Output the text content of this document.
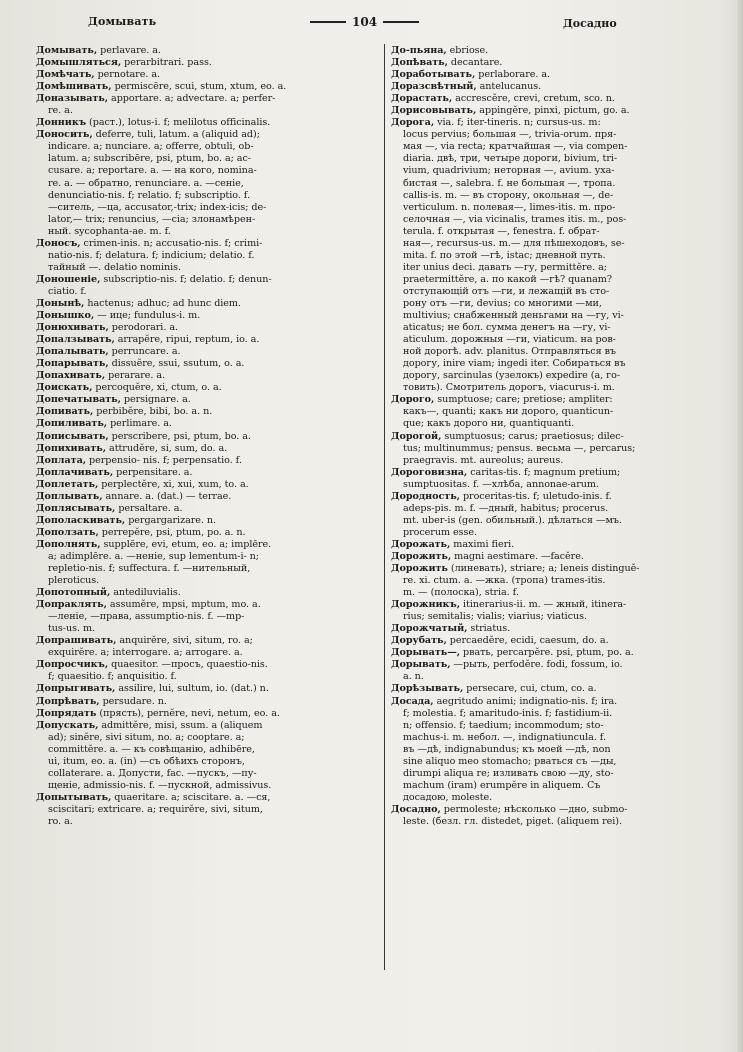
Домывать	104	Досадно
Домывать, perlavare. a.
Домышляться, perarbitrari. pass.
Домѣчать, pernotare. a.
Домѣшивать, permiscēre, scui, stum, xtum, eo. a.
Доназывать, apportare. a; advectare. a; perfer-
re. a.
Донникъ (раст.), lotus-i. f; melilotus officinalis.
Доносить, deferre, tuli, latum. a (aliquid ad);
indicare. a; nunciare. a; offerre, obtuli, ob-
latum. a; subscribēre, psi, ptum, bo. a; ac-
cusare. a; reportare. a. — на кого, nomina-
re. a. — обратно, renunciare. a. —сеніе,
denunciatio-nis. f; relatio. f; subscriptio. f.
—ситель, —ца, accusator,-trix; index-icis; de-
lator,— trix; renuncius, —cia; злонамѣрен-
ный. sycophanta-ae. m. f.
Доносъ, crimen-inis. n; accusatio-nis. f; crimi-
natio-nis. f; delatura. f; indicium; delatio. f.
тайный —. delatio nominis.
Доношеніе, subscriptio-nis. f; delatio. f; denun-
ciatio. f.
Донынѣ, hactenus; adhuc; ad hunc diem.
Донышко, — ице; fundulus-i. m.
Донюхивать, perodorari. a.
Допалзывать, arrapĕre, ripui, reptum, io. a.
Допалывать, perruncare. a.
Допарывать, dissuĕre, ssui, ssutum, o. a.
Допахивать, perarare. a.
Доискать, percoquĕre, xi, ctum, o. a.
Допечатывать, persignare. a.
Допивать, perbibĕre, bibi, bo. a. n.
Допиливать, perlimare. a.
Дописывать, perscribere, psi, ptum, bo. a.
Допихивать, attrudĕre, si, sum, do. a.
Доплата, perpensio- nis. f; perpensatio. f.
Доплачивать, perpensitare. a.
Доплетать, perplectĕre, xi, xui, xum, to. a.
Доплывать, annare. a. (dat.) — terrae.
Доплясывать, persaltare. a.
Дополаскивать, pergargarizare. n.
Доползать, perrepĕre, psi, ptum, po. a. n.
Дополнять, supplēre, evi, etum, eo. a; implēre.
a; adimplēre. a. —неніе, sup lementum-i- n;
repletio-nis. f; suffectura. f. —нительный,
pleroticus.
Допотопный, antediluvialis.
Допраклять, assumĕre, mpsi, mptum, mo. a.
—леніе, —права, assumptio-nis. f. —mp-
tus-us. m.
Допрашивать, anquirĕre, sivi, situm, ro. a;
exquirĕre. a; interrogare. a; arrogare. a.
Допросчикъ, quaesitor. —просъ, quaestio-nis.
f; quaesitio. f; anquisitio. f.
Допрыгивать, assilire, lui, sultum, io. (dat.) n.
Допрѣвать, persudare. n.
Допрядать (прясть), pernĕre, nevi, netum, eo. a.
Допускать, admittĕre, misi, ssum. a (aliquem
ad); sinĕre, sivi situm, no. a; cooptare. a;
committĕre. a. — къ совѣщанію, adhibēre,
ui, itum, eo. a. (in) —съ обѣихъ сторонъ,
collaterare. a. Допусти, fac. —пускъ, —пу-
щеніе, admissio-nis. f. —пускной, admissivus.
Допытывать, quaeritare. a; sciscitare. a. —ся,
sciscitari; extricare. a; requirĕre, sivi, situm,
ro. a.
До-пьяна, ebriose.
Допѣвать, decantare.
Доработывать, perlaborare. a.
Доразсвѣтный, antelucanus.
Дорастать, accrescĕre, crevi, cretum, sco. n.
Дорисовывать, appingĕre, pinxi, pictum, go. a.
Дорога, via. f; iter-tineris. n; cursus-us. m:
locus pervius; большая —, trivia-orum. пря-
мая —, via recta; кратчайшая —, via compen-
diaria. двѣ, три, четыре дороги, bivium, tri-
vium, quadrivium; неторная —, avium. уха-
бистая —, salebra. f. не большая —, тропа.
callis-is. m. — въ сторону, окольная —, de-
verticulum. n. полевая—, limes-itis. m. про-
селочная —, via vicinalis, trames itis. m., pos-
terula. f. открытая —, fenestra. f. обрат-
ная—, recursus-us. m.— для пѣшеходовъ, se-
mita. f. по этой —гѣ, istac; дневной путь.
iter unius deci. давать —гу, permittĕre. a;
praetermittĕre, a. по какой —гѣ? quanam?
отступающій отъ —ги, и лежащій въ сто-
рону отъ —ги, devius; со многими —ми,
multivius; снабженный деньгами на —гу, vi-
aticatus; не бол. сумма денегъ на —гу, vi-
aticulum. дорожныя —ги, viaticum. на ров-
ной дорогѣ. adv. planitus. Отправляться въ
дорогу, inire viam; ingedi iter. Собираться въ
дорогу, sarcinulas (узелокъ) expedire (a, го-
товить). Смотритель дорогъ, viacurus-i. m.
Дорого, sumptuose; care; pretiose; ampliter:
какъ—, quanti; какъ ни дорого, quanticun-
que; какъ дорого ни, quantiquanti.
Дорогой, sumptuosus; carus; praetiosus; dilec-
tus; multinummus; pensus. весьма —, percarus;
praegravis. mt. aureolus; aureus.
Дороговизна, caritas-tis. f; magnum pretium;
sumptuositas. f. —хлѣба, annonae-arum.
Дородность, proceritas-tis. f; uletudo-inis. f.
adeps-pis. m. f. —дный, habitus; procerus.
mt. uber-is (gen. обильный.). дѣлаться —мъ.
procerum esse.
Дорожать, maximi fieri.
Дорожить, magni aestimare. —facĕre.
Дорожить (линевать), striare; a; leneis distinguĕ-
re. xi. ctum. a. —жка. (тропа) trames-itis.
m. — (полоска), stria. f.
Дорожникъ, itinerarius-ii. m. — жный, itinera-
rius; semitalis; vialis; viarius; viaticus.
Дорожчатый, striatus.
Дорубать, percaedĕre, ecidi, caesum, do. a.
Дорывать—, рвать, percarpĕre. psi, ptum, po. a.
Дорывать, —рыть, perfodĕre. fodi, fossum, io.
a. n.
Дорѣзывать, persecare, cui, ctum, co. a.
Досада, aegritudo animi; indignatio-nis. f; ira.
f; molestia. f; amaritudo-inis. f; fastidium-ii.
n; offensio. f; taedium; incommodum; sto-
machus-i. m. небол. —, indignatiuncula. f.
въ —дѣ, indignabundus; къ моей —дѣ, non
sine aliquo meo stomacho; рваться съ —ды,
dirumpi aliqua re; изливать свою —ду, sto-
machum (iram) erumpĕre in aliquem. Съ
досадою, moleste.
Досадно, permoleste; нѣсколько —дно, submo-
leste. (безл. гл. distedet, piget. (aliquem rei).
